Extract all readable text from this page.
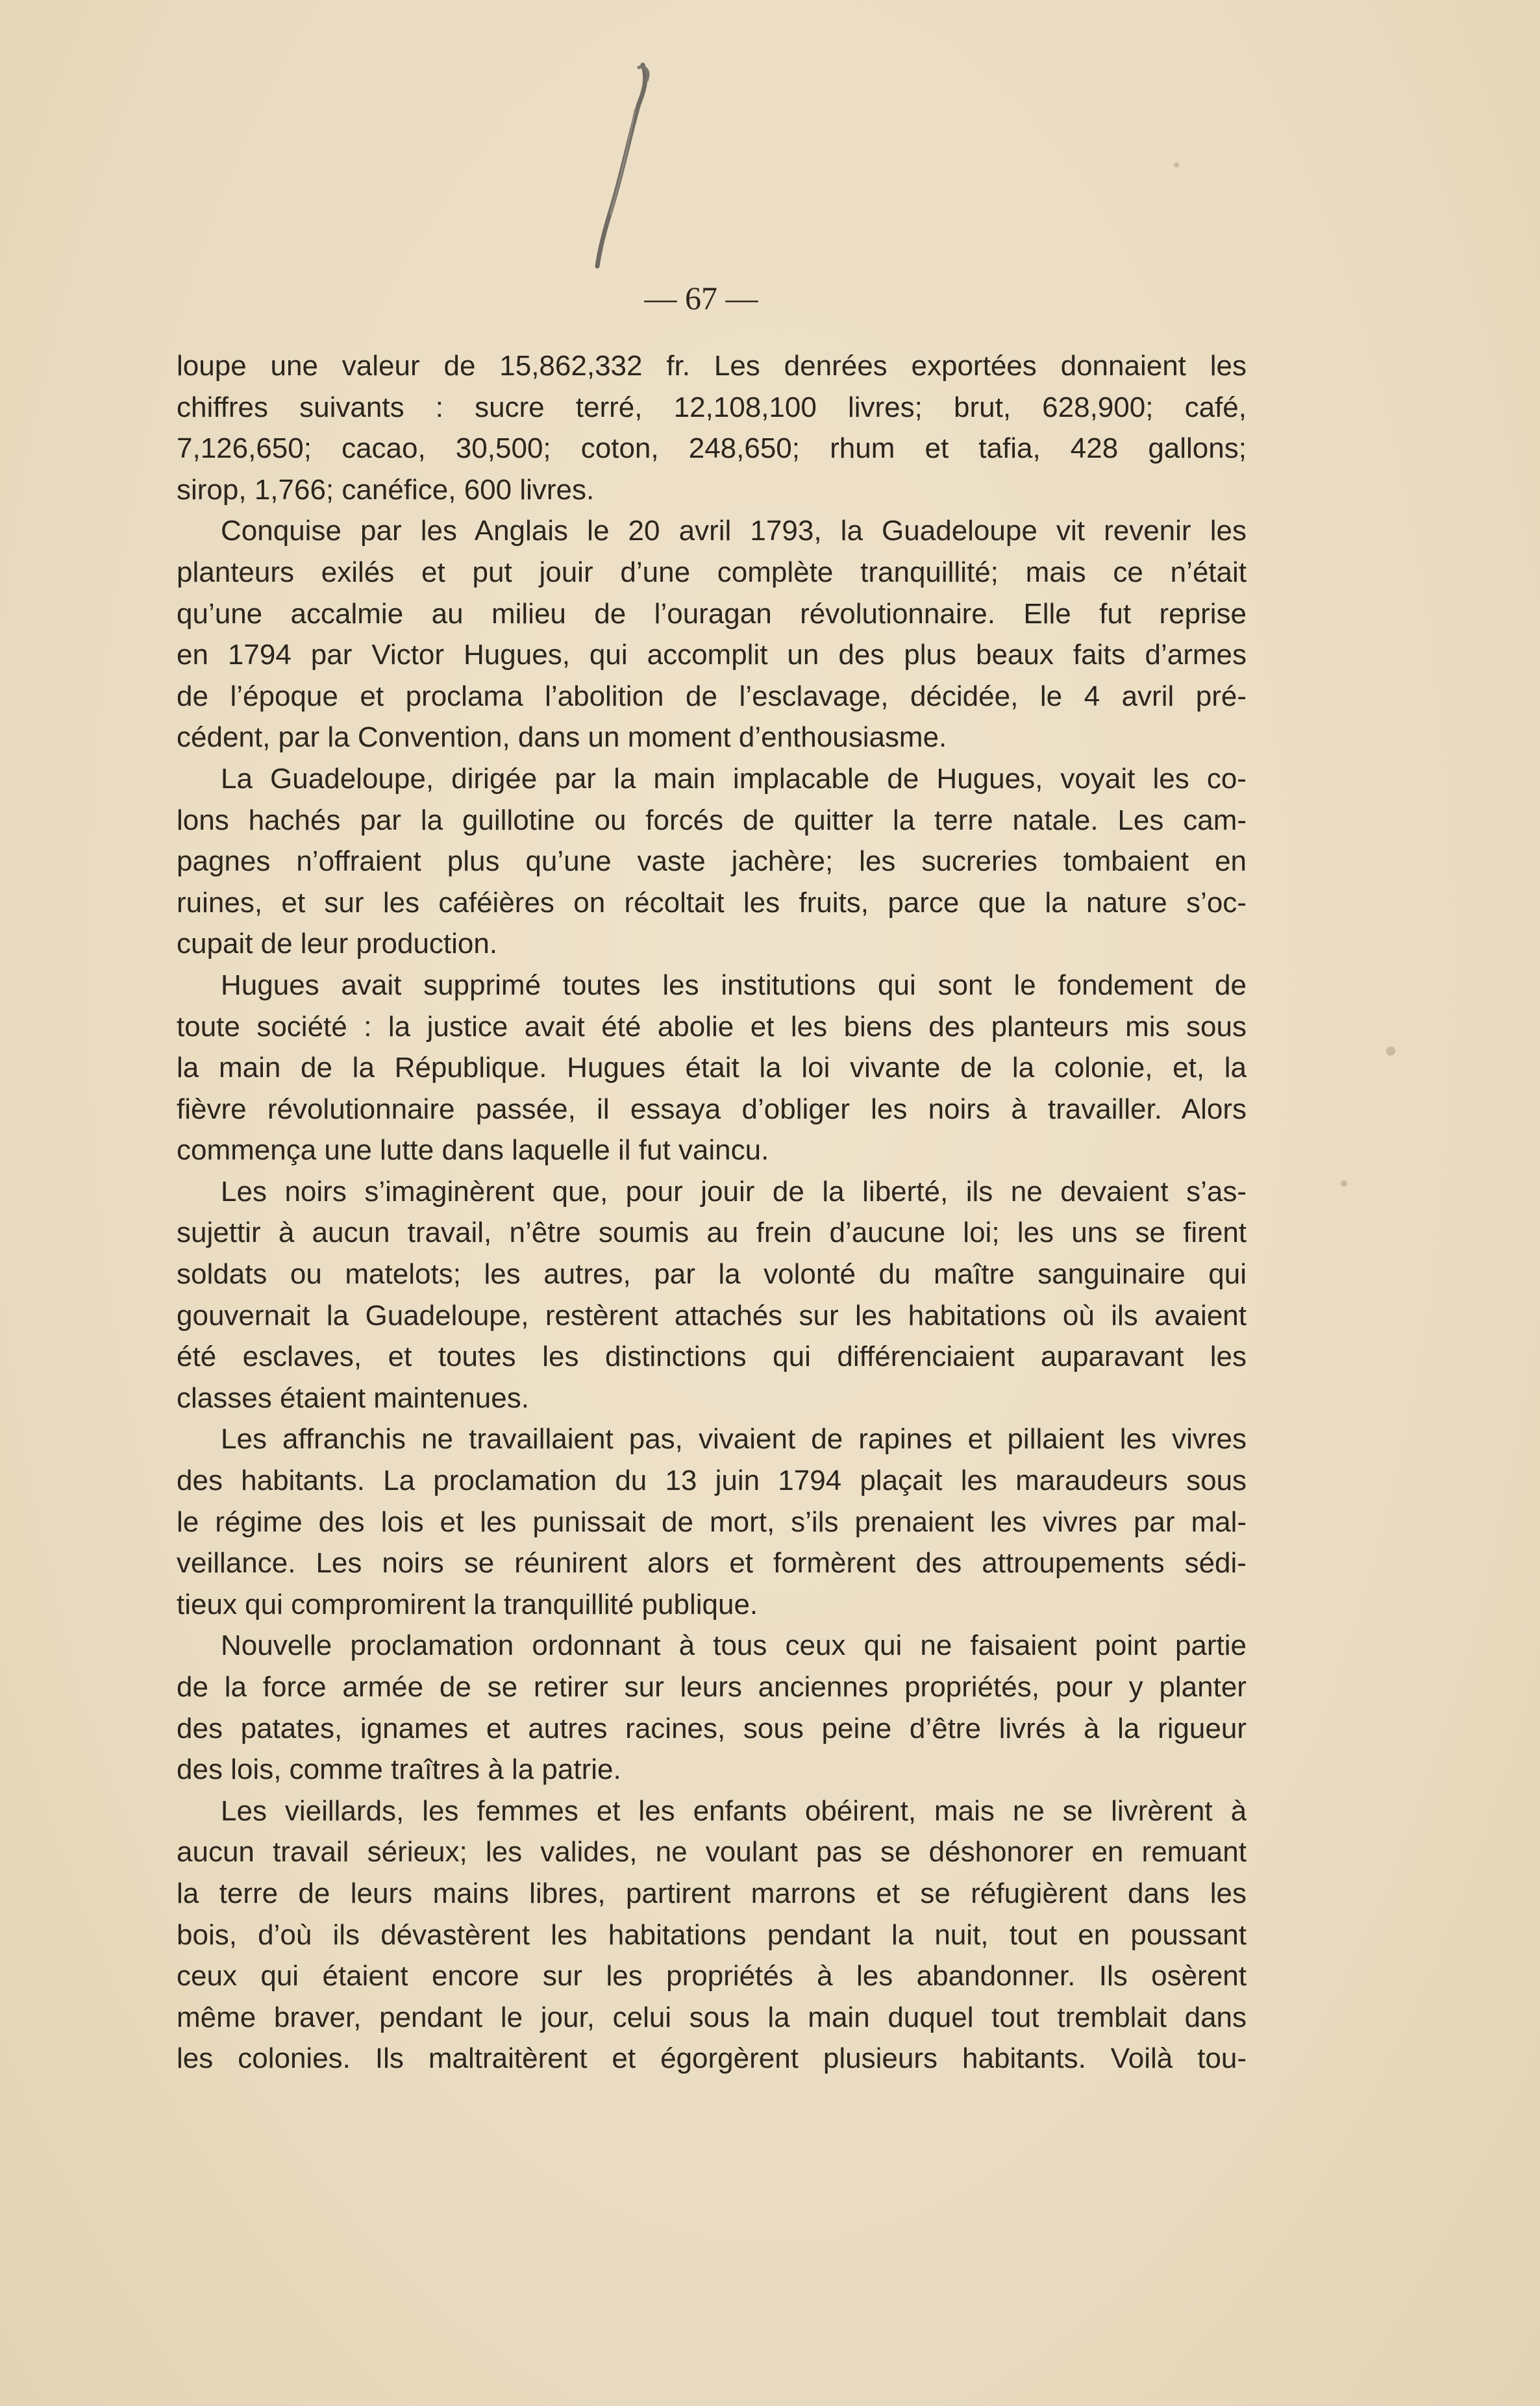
— 67 —
loupe une valeur de 15,862,332 fr. Les denrées exportées donnaient les
chiffres suivants : sucre terré, 12,108,100 livres; brut, 628,900; café,
7,126,650; cacao, 30,500; coton, 248,650; rhum et tafia, 428 gallons;
sirop, 1,766; canéfice, 600 livres.
Conquise par les Anglais le 20 avril 1793, la Guadeloupe vit revenir les
planteurs exilés et put jouir d’une complète tranquillité; mais ce n’était
qu’une accalmie au milieu de l’ouragan révolutionnaire. Elle fut reprise
en 1794 par Victor Hugues, qui accomplit un des plus beaux faits d’armes
de l’époque et proclama l’abolition de l’esclavage, décidée, le 4 avril pré-
cédent, par la Convention, dans un moment d’enthousiasme.
La Guadeloupe, dirigée par la main implacable de Hugues, voyait les co-
lons hachés par la guillotine ou forcés de quitter la terre natale. Les cam-
pagnes n’offraient plus qu’une vaste jachère; les sucreries tombaient en
ruines, et sur les caféières on récoltait les fruits, parce que la nature s’oc-
cupait de leur production.
Hugues avait supprimé toutes les institutions qui sont le fondement de
toute société : la justice avait été abolie et les biens des planteurs mis sous
la main de la République. Hugues était la loi vivante de la colonie, et, la
fièvre révolutionnaire passée, il essaya d’obliger les noirs à travailler. Alors
commença une lutte dans laquelle il fut vaincu.
Les noirs s’imaginèrent que, pour jouir de la liberté, ils ne devaient s’as-
sujettir à aucun travail, n’être soumis au frein d’aucune loi; les uns se firent
soldats ou matelots; les autres, par la volonté du maître sanguinaire qui
gouvernait la Guadeloupe, restèrent attachés sur les habitations où ils avaient
été esclaves, et toutes les distinctions qui différenciaient auparavant les
classes étaient maintenues.
Les affranchis ne travaillaient pas, vivaient de rapines et pillaient les vivres
des habitants. La proclamation du 13 juin 1794 plaçait les maraudeurs sous
le régime des lois et les punissait de mort, s’ils prenaient les vivres par mal-
veillance. Les noirs se réunirent alors et formèrent des attroupements sédi-
tieux qui compromirent la tranquillité publique.
Nouvelle proclamation ordonnant à tous ceux qui ne faisaient point partie
de la force armée de se retirer sur leurs anciennes propriétés, pour y planter
des patates, ignames et autres racines, sous peine d’être livrés à la rigueur
des lois, comme traîtres à la patrie.
Les vieillards, les femmes et les enfants obéirent, mais ne se livrèrent à
aucun travail sérieux; les valides, ne voulant pas se déshonorer en remuant
la terre de leurs mains libres, partirent marrons et se réfugièrent dans les
bois, d’où ils dévastèrent les habitations pendant la nuit, tout en poussant
ceux qui étaient encore sur les propriétés à les abandonner. Ils osèrent
même braver, pendant le jour, celui sous la main duquel tout tremblait dans
les colonies. Ils maltraitèrent et égorgèrent plusieurs habitants. Voilà tou-
